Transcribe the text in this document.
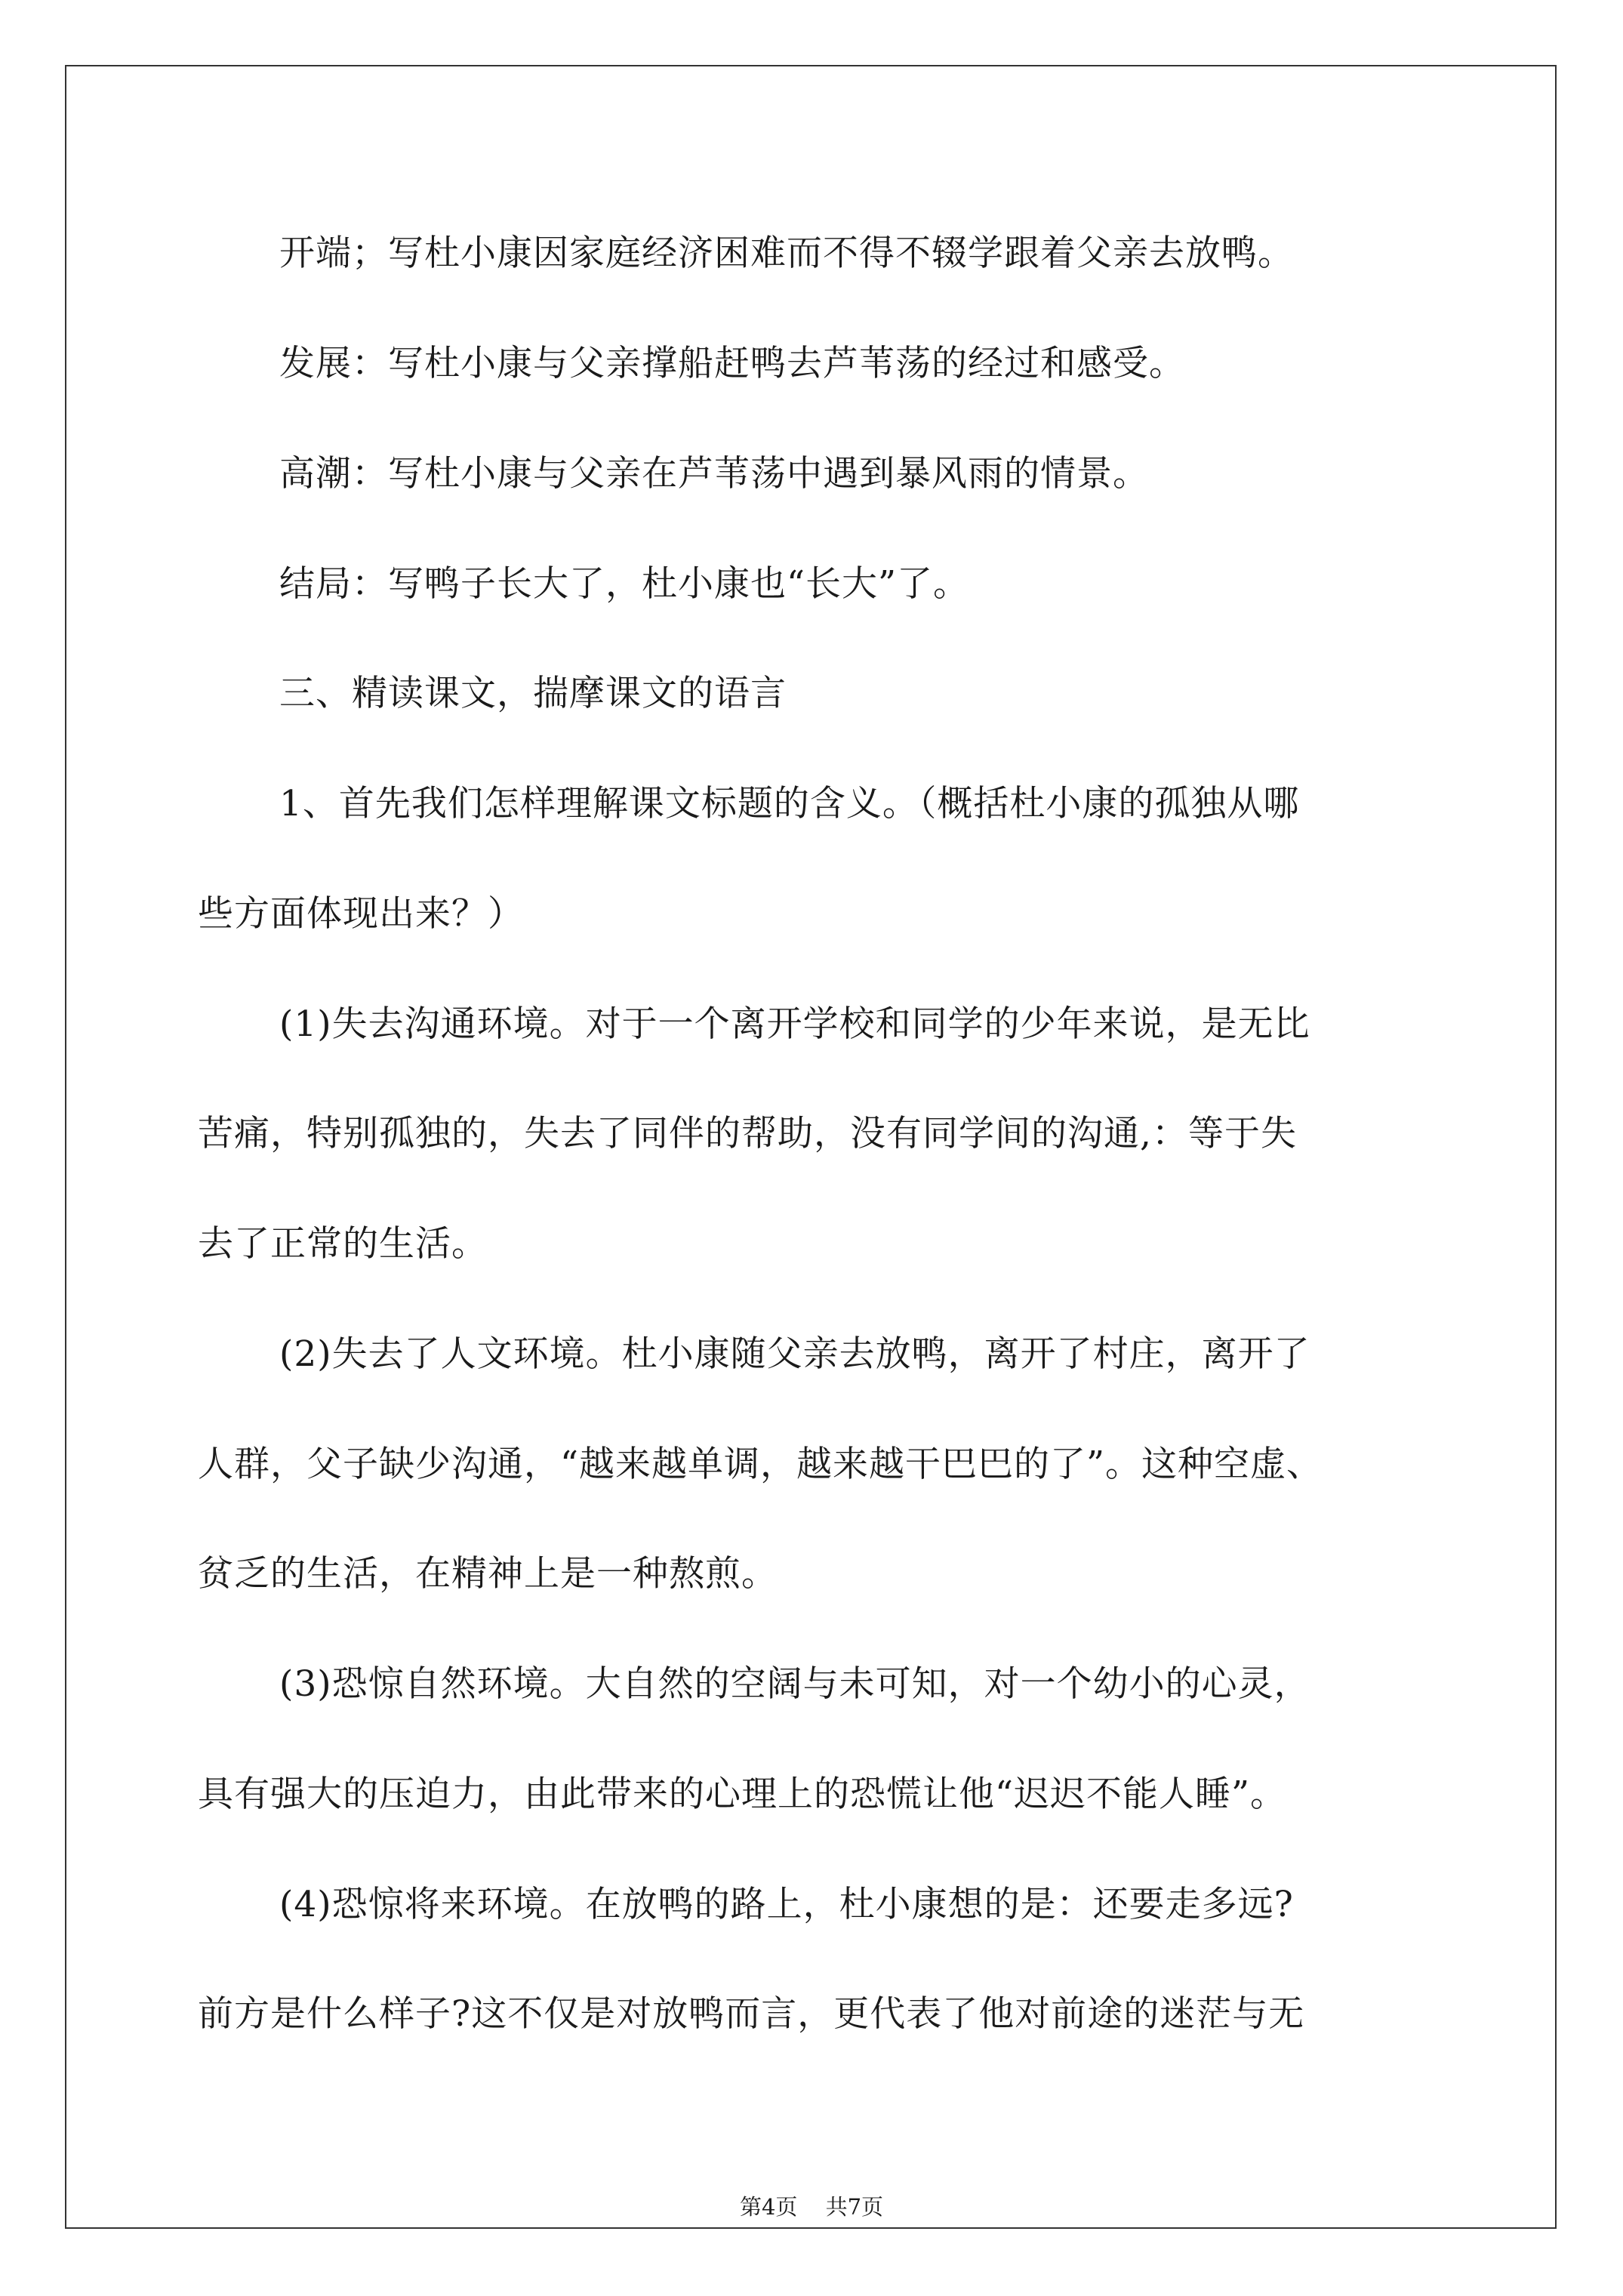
开端；写杜小康因家庭经济困难而不得不辍学跟着父亲去放鸭。
发展：写杜小康与父亲撑船赶鸭去芦苇荡的经过和感受。
高潮：写杜小康与父亲在芦苇荡中遇到暴风雨的情景。
结局：写鸭子长大了，杜小康也“长大”了。
三、精读课文，揣摩课文的语言
1、首先我们怎样理解课文标题的含义。（概括杜小康的孤独从哪
些方面体现出来？）
(1)失去沟通环境。对于一个离开学校和同学的少年来说，是无比
苦痛，特别孤独的，失去了同伴的帮助，没有同学间的沟通,：等于失
去了正常的生活。
(2)失去了人文环境。杜小康随父亲去放鸭，离开了村庄，离开了
人群，父子缺少沟通，“越来越单调，越来越干巴巴的了”。这种空虚、
贫乏的生活，在精神上是一种熬煎。
(3)恐惊自然环境。大自然的空阔与未可知，对一个幼小的心灵，
具有强大的压迫力，由此带来的心理上的恐慌让他“迟迟不能人睡”。
(4)恐惊将来环境。在放鸭的路上，杜小康想的是：还要走多远?
前方是什么样子?这不仅是对放鸭而言，更代表了他对前途的迷茫与无
第4页 共7页
